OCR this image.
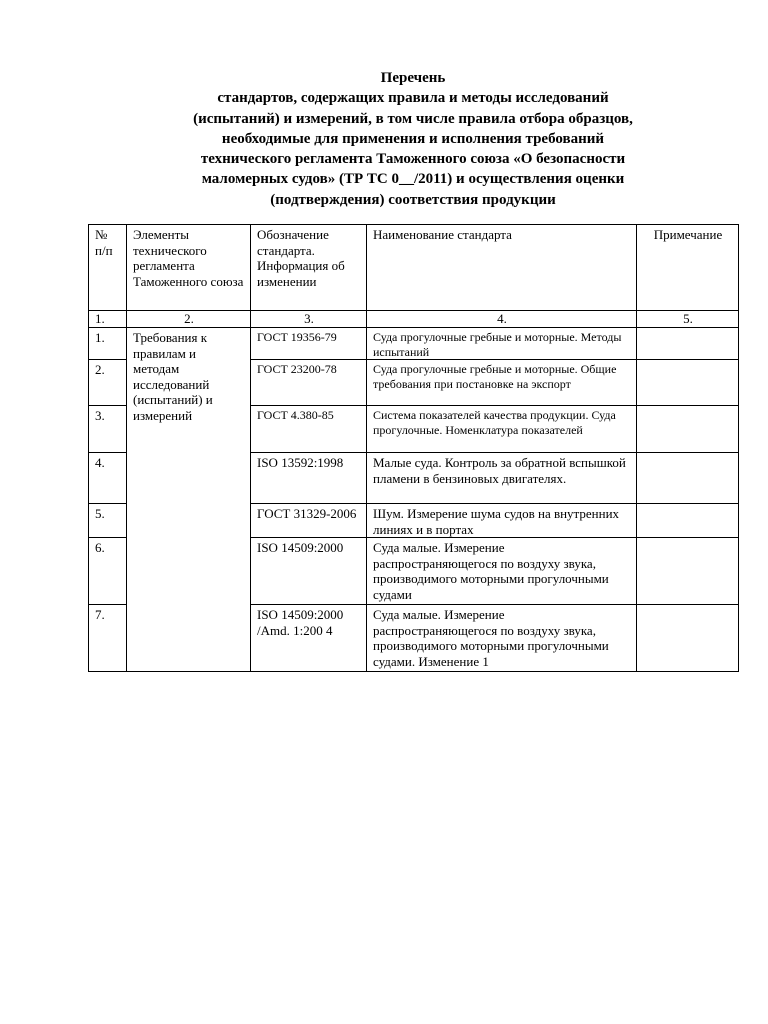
Перечень
стандартов, содержащих правила и методы исследований
(испытаний) и измерений, в том числе правила отбора образцов,
необходимые для применения и исполнения требований
технического регламента Таможенного союза «О безопасности
маломерных судов» (ТР ТС 0__/2011) и осуществления оценки
(подтверждения) соответствия продукции
№ п/п	Элементы технического регламента Таможенного союза	Обозначение стандарта. Информация об изменении	Наименование стандарта	Примечание
1.	2.	3.	4.	5.
1.	Требования к правилам и методам исследований (испытаний) и измерений	ГОСТ 19356-79	Суда прогулочные гребные и моторные. Методы испытаний	
2.		ГОСТ 23200-78	Суда прогулочные гребные и моторные. Общие требования при постановке на экспорт	
3.		ГОСТ 4.380-85	Система показателей качества продукции. Суда прогулочные. Номенклатура показателей	
4.		ISO 13592:1998	Малые суда. Контроль за обратной вспышкой пламени в бензиновых двигателях.	
5.		ГОСТ 31329-2006	Шум. Измерение шума судов на внутренних линиях и в портах	
6.		ISO 14509:2000	Суда малые. Измерение распространяющегося по воздуху звука, производимого моторными прогулочными судами	
7.		ISO 14509:2000 /Amd. 1:200 4	Суда малые. Измерение распространяющегося по воздуху звука, производимого моторными прогулочными судами. Изменение 1	
